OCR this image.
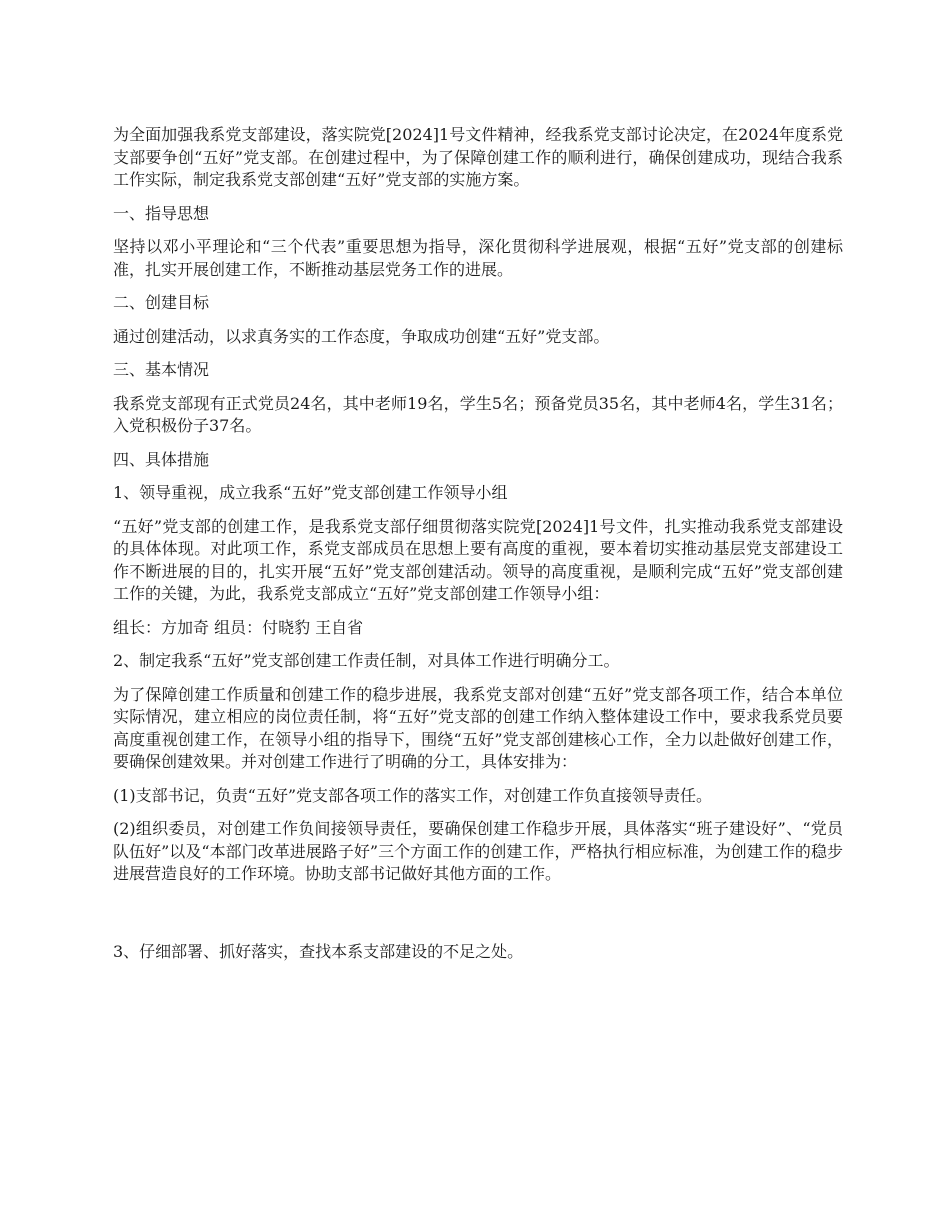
为全面加强我系党支部建设，落实院党[2024]1号文件精神，经我系党支部讨论决定，在2024年度系党支部要争创“五好”党支部。在创建过程中，为了保障创建工作的顺利进行，确保创建成功，现结合我系工作实际，制定我系党支部创建“五好”党支部的实施方案。

一、指导思想

坚持以邓小平理论和“三个代表”重要思想为指导，深化贯彻科学进展观，根据“五好”党支部的创建标准，扎实开展创建工作，不断推动基层党务工作的进展。

二、创建目标

通过创建活动，以求真务实的工作态度，争取成功创建“五好”党支部。

三、基本情况

我系党支部现有正式党员24名，其中老师19名，学生5名；预备党员35名，其中老师4名，学生31名；入党积极份子37名。

四、具体措施

1、领导重视，成立我系“五好”党支部创建工作领导小组

“五好”党支部的创建工作，是我系党支部仔细贯彻落实院党[2024]1号文件，扎实推动我系党支部建设的具体体现。对此项工作，系党支部成员在思想上要有高度的重视，要本着切实推动基层党支部建设工作不断进展的目的，扎实开展“五好”党支部创建活动。领导的高度重视，是顺利完成“五好”党支部创建工作的关键，为此，我系党支部成立“五好”党支部创建工作领导小组：

组长：方加奇 组员：付晓豹 王自省

2、制定我系“五好”党支部创建工作责任制，对具体工作进行明确分工。

为了保障创建工作质量和创建工作的稳步进展，我系党支部对创建“五好”党支部各项工作，结合本单位实际情况，建立相应的岗位责任制，将“五好”党支部的创建工作纳入整体建设工作中，要求我系党员要高度重视创建工作，在领导小组的指导下，围绕“五好”党支部创建核心工作，全力以赴做好创建工作，要确保创建效果。并对创建工作进行了明确的分工，具体安排为：

(1)支部书记，负责“五好”党支部各项工作的落实工作，对创建工作负直接领导责任。

(2)组织委员，对创建工作负间接领导责任，要确保创建工作稳步开展，具体落实“班子建设好”、“党员队伍好”以及“本部门改革进展路子好”三个方面工作的创建工作，严格执行相应标准，为创建工作的稳步进展营造良好的工作环境。协助支部书记做好其他方面的工作。

3、仔细部署、抓好落实，查找本系支部建设的不足之处。
